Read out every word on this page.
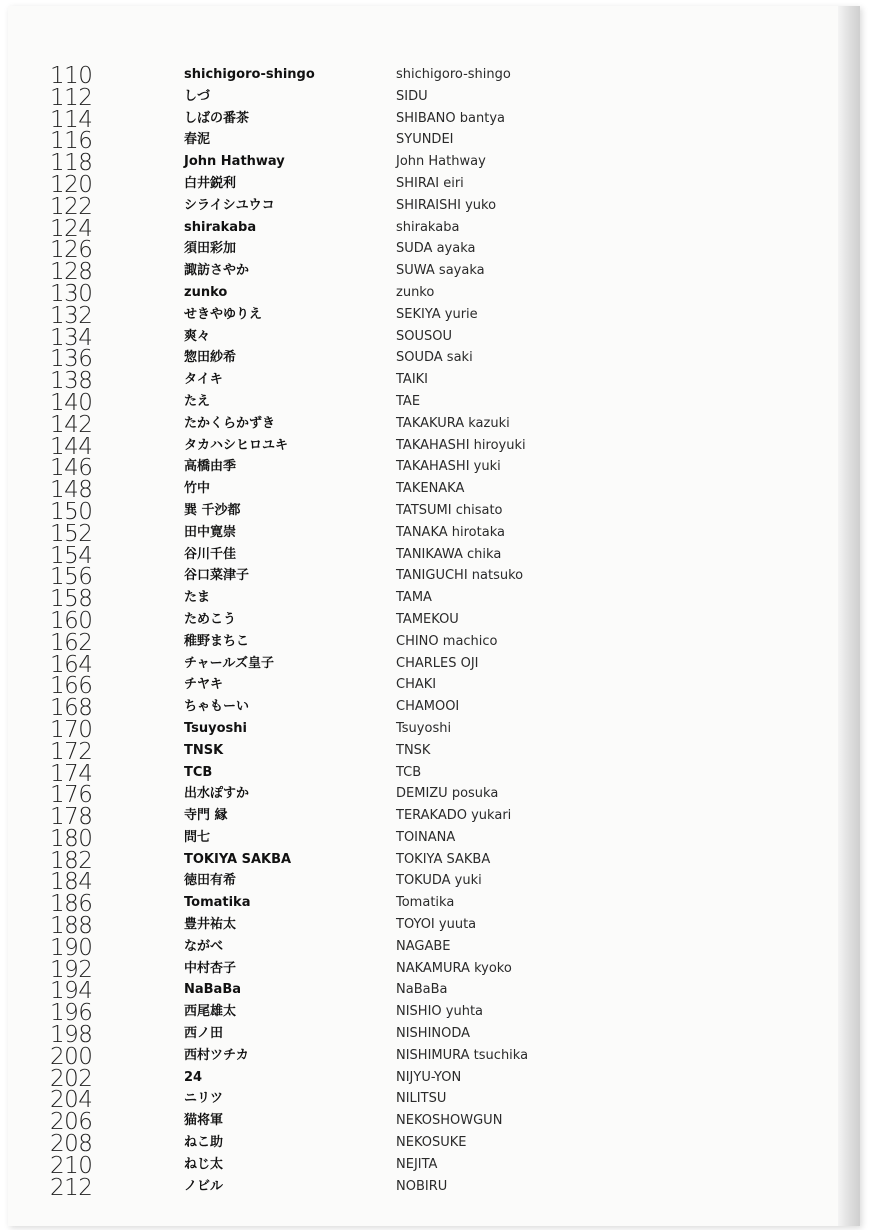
110	shichigoro-shingo	shichigoro-shingo
112	しづ	SIDU
114	しばの番茶	SHIBANO bantya
116	春泥	SYUNDEI
118	John Hathway	John Hathway
120	白井鋭利	SHIRAI eiri
122	シライシユウコ	SHIRAISHI yuko
124	shirakaba	shirakaba
126	須田彩加	SUDA ayaka
128	諏訪さやか	SUWA sayaka
130	zunko	zunko
132	せきやゆりえ	SEKIYA yurie
134	爽々	SOUSOU
136	惣田紗希	SOUDA saki
138	タイキ	TAIKI
140	たえ	TAE
142	たかくらかずき	TAKAKURA kazuki
144	タカハシヒロユキ	TAKAHASHI hiroyuki
146	高橋由季	TAKAHASHI yuki
148	竹中	TAKENAKA
150	巽 千沙都	TATSUMI chisato
152	田中寛崇	TANAKA hirotaka
154	谷川千佳	TANIKAWA chika
156	谷口菜津子	TANIGUCHI natsuko
158	たま	TAMA
160	ためこう	TAMEKOU
162	稚野まちこ	CHINO machico
164	チャールズ皇子	CHARLES OJI
166	チヤキ	CHAKI
168	ちゃもーい	CHAMOOI
170	Tsuyoshi	Tsuyoshi
172	TNSK	TNSK
174	TCB	TCB
176	出水ぽすか	DEMIZU posuka
178	寺門 縁	TERAKADO yukari
180	問七	TOINANA
182	TOKIYA SAKBA	TOKIYA SAKBA
184	徳田有希	TOKUDA yuki
186	Tomatika	Tomatika
188	豊井祐太	TOYOI yuuta
190	ながべ	NAGABE
192	中村杏子	NAKAMURA kyoko
194	NaBaBa	NaBaBa
196	西尾雄太	NISHIO yuhta
198	西ノ田	NISHINODA
200	西村ツチカ	NISHIMURA tsuchika
202	24	NIJYU-YON
204	ニリツ	NILITSU
206	猫将軍	NEKOSHOWGUN
208	ねこ助	NEKOSUKE
210	ねじ太	NEJITA
212	ノビル	NOBIRU
